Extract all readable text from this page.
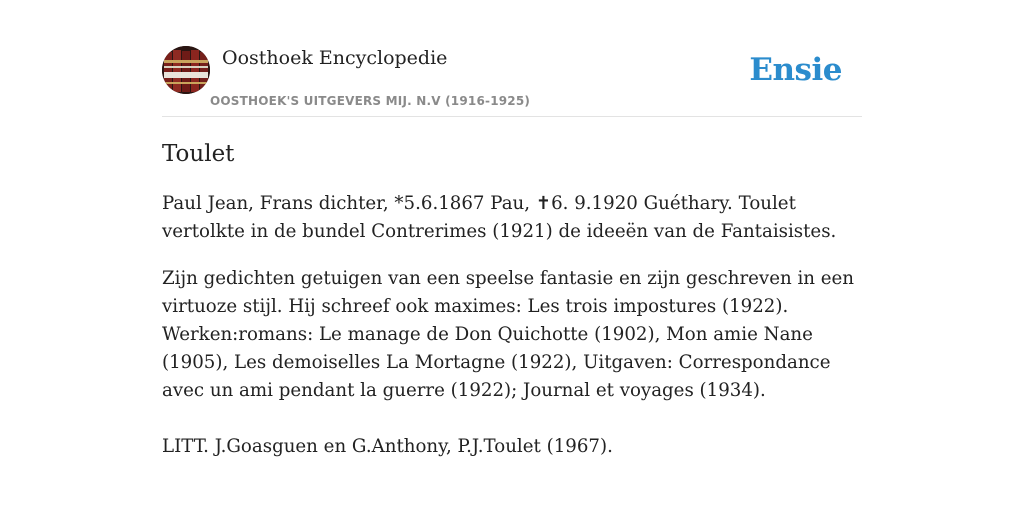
Oosthoek Encyclopedie
OOSTHOEK'S UITGEVERS MIJ. N.V (1916-1925)
Ensie
Toulet

Paul Jean, Frans dichter, *5.6.1867 Pau, ✝6. 9.1920 Guéthary. Toulet vertolkte in de bundel Contrerimes (1921) de ideeën van de Fantaisistes.

Zijn gedichten getuigen van een speelse fantasie en zijn geschreven in een virtuoze stijl. Hij schreef ook maximes: Les trois impostures (1922). Werken:romans: Le manage de Don Quichotte (1902), Mon amie Nane (1905), Les demoiselles La Mortagne (1922), Uitgaven: Correspondance avec un ami pendant la guerre (1922); Journal et voyages (1934).

LITT. J.Goasguen en G.Anthony, P.J.Toulet (1967).
